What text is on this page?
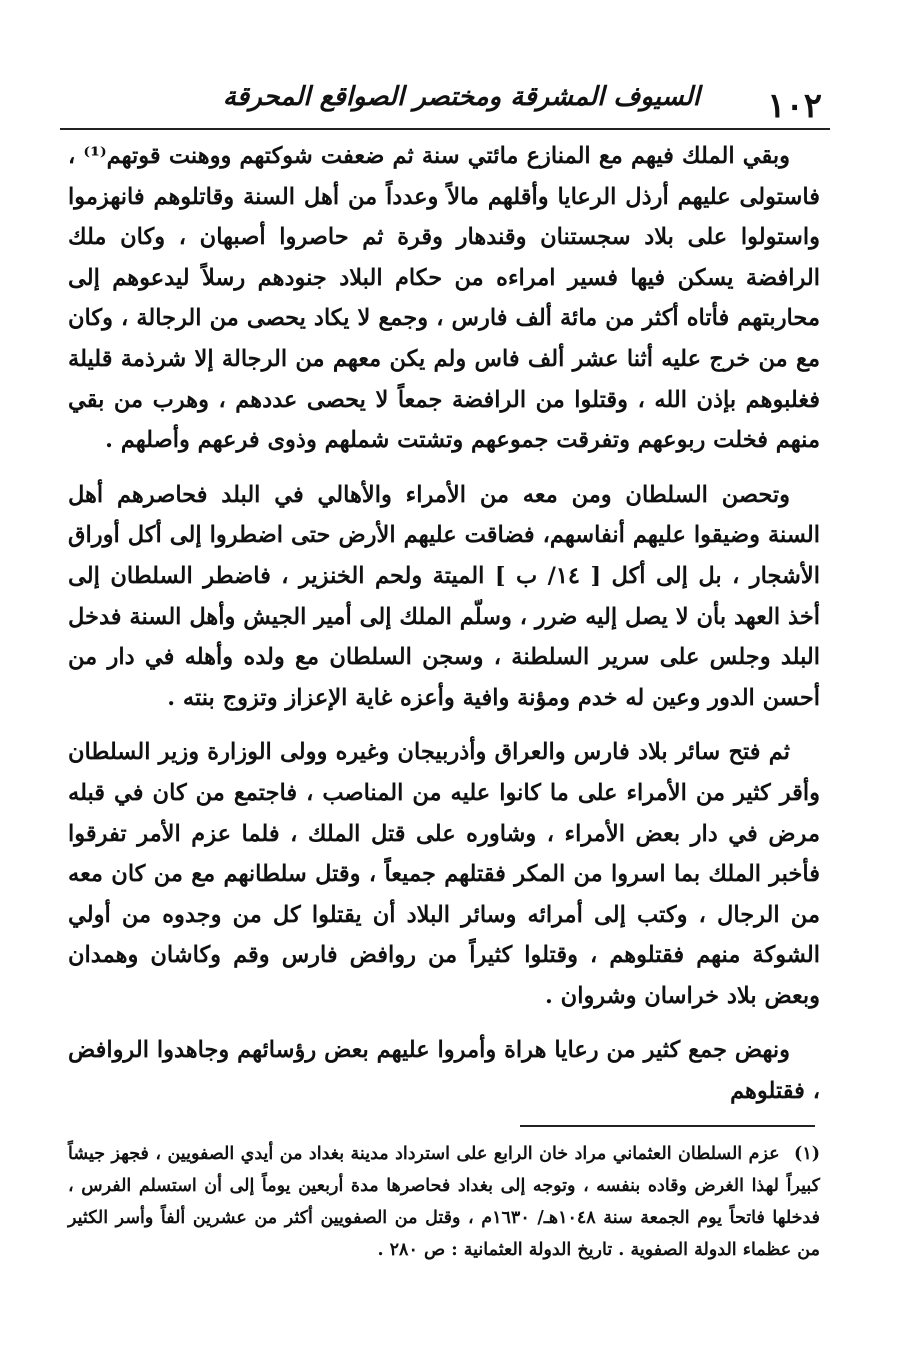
١٠٢
السيوف المشرقة ومختصر الصواقع المحرقة

وبقي الملك فيهم مع المنازع مائتي سنة ثم ضعفت شوكتهم ووهنت قوتهم⁽¹⁾ ، فاستولى عليهم أرذل الرعايا وأقلهم مالاً وعدداً من أهل السنة وقاتلوهم فانهزموا واستولوا على بلاد سجستنان وقندهار وقرة ثم حاصروا أصبهان ، وكان ملك الرافضة يسكن فيها فسير امراءه من حكام البلاد جنودهم رسلاً ليدعوهم إلى محاربتهم فأتاه أكثر من مائة ألف فارس ، وجمع لا يكاد يحصى من الرجالة ، وكان مع من خرج عليه أثنا عشر ألف فاس ولم يكن معهم من الرجالة إلا شرذمة قليلة فغلبوهم بإذن الله ، وقتلوا من الرافضة جمعاً لا يحصى عددهم ، وهرب من بقي منهم فخلت ربوعهم وتفرقت جموعهم وتشتت شملهم وذوى فرعهم وأصلهم .

وتحصن السلطان ومن معه من الأمراء والأهالي في البلد فحاصرهم أهل السنة وضيقوا عليهم أنفاسهم، فضاقت عليهم الأرض حتى اضطروا إلى أكل أوراق الأشجار ، بل إلى أكل [ ١٤/ ب ] الميتة ولحم الخنزير ، فاضطر السلطان إلى أخذ العهد بأن لا يصل إليه ضرر ، وسلّم الملك إلى أمير الجيش وأهل السنة فدخل البلد وجلس على سرير السلطنة ، وسجن السلطان مع ولده وأهله في دار من أحسن الدور وعين له خدم ومؤنة وافية وأعزه غاية الإعزاز وتزوج بنته .

ثم فتح سائر بلاد فارس والعراق وأذربيجان وغيره وولى الوزارة وزير السلطان وأقر كثير من الأمراء على ما كانوا عليه من المناصب ، فاجتمع من كان في قبله مرض في دار بعض الأمراء ، وشاوره على قتل الملك ، فلما عزم الأمر تفرقوا فأخبر الملك بما اسروا من المكر فقتلهم جميعاً ، وقتل سلطانهم مع من كان معه من الرجال ، وكتب إلى أمرائه وسائر البلاد أن يقتلوا كل من وجدوه من أولي الشوكة منهم فقتلوهم ، وقتلوا كثيراً من روافض فارس وقم وكاشان وهمدان وبعض بلاد خراسان وشروان .

ونهض جمع كثير من رعايا هراة وأمروا عليهم بعض رؤسائهم وجاهدوا الروافض ، فقتلوهم

(١) عزم السلطان العثماني مراد خان الرابع على استرداد مدينة بغداد من أيدي الصفويين ، فجهز جيشاً كبيراً لهذا الغرض وقاده بنفسه ، وتوجه إلى بغداد فحاصرها مدة أربعين يوماً إلى أن استسلم الفرس ، فدخلها فاتحاً يوم الجمعة سنة ١٠٤٨هـ/ ١٦٣٠م ، وقتل من الصفويين أكثر من عشرين ألفاً وأسر الكثير من عظماء الدولة الصفوية . تاريخ الدولة العثمانية : ص ٢٨٠ .
